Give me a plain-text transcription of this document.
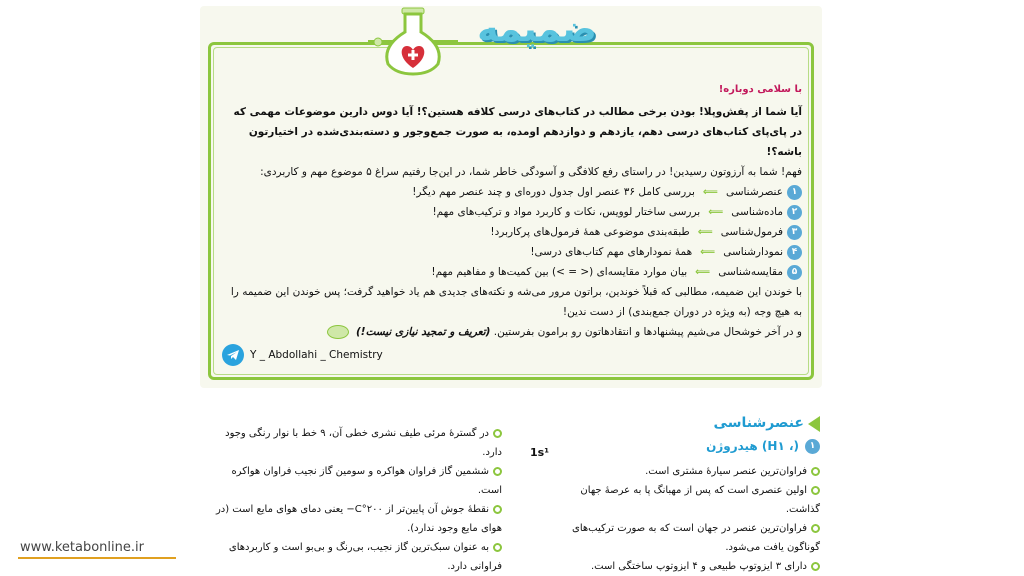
ضمیمه
با سلامی دوباره!
آیا شما از پفش‌وپلا! بودن برخی مطالب در کتاب‌های درسی کلافه هستین؟! آیا دوس دارین موضوعات مهمی که در پای‌پای کتاب‌های درسی دهم، یازدهم و دوازدهم اومده، به صورت جمع‌وجور و دسته‌بندی‌شده در اختیارتون باشه؟!
فهم! شما به آرزوتون رسیدین! در راستای رفع کلافگی و آسودگی خاطر شما، در این‌جا رفتیم سراغ ۵ موضوع مهم و کاربردی:
۱
عنصرشناسی
⟸
بررسی کامل ۳۶ عنصر اول جدول دوره‌ای و چند عنصر مهم دیگر!
۲
ماده‌شناسی
⟸
بررسی ساختار لوویس، نکات و کاربرد مواد و ترکیب‌های مهم!
۳
فرمول‌شناسی
⟸
طبقه‌بندی موضوعی همهٔ فرمول‌های پرکاربرد!
۴
نمودارشناسی
⟸
همهٔ نمودارهای مهم کتاب‌های درسی!
۵
مقایسه‌شناسی
⟸
بیان موارد مقایسه‌ای (< = >) بین کمیت‌ها و مفاهیم مهم!
با خوندن این ضمیمه، مطالبی که قبلاً خوندین، براتون مرور می‌شه و نکته‌های جدیدی هم یاد خواهید گرفت؛ پس خوندن این ضمیمه را به هیچ وجه (به ویژه در دوران جمع‌بندی) از دست ندین!
و در آخر خوشحال می‌شیم پیشنهادها و انتقادهاتون رو برامون بفرستین. (تعریف و تمجید نیازی نیست!)
Y _ Abdollahi _ Chemistry
عنصرشناسی
هیدروژن (H۱ ،)	۱
فراوان‌ترین عنصر سیارهٔ مشتری است.
اولین عنصری است که پس از مهبانگ پا به عرصهٔ جهان گذاشت.
فراوان‌ترین عنصر در جهان است که به صورت ترکیب‌های گوناگون یافت می‌شود.
دارای ۳ ایزوتوپ طبیعی و ۴ ایزوتوپ ساختگی است.
1s¹
در گسترهٔ مرئی طیف نشری خطی آن، ۹ خط با نوار رنگی وجود دارد.
ششمین گاز فراوان هواکره و سومین گاز نجیب فراوان هواکره است.
نقطهٔ جوش آن پایین‌تر از ۲۰۰°C− یعنی دمای هوای مایع است (در هوای مایع وجود ندارد).
به عنوان سبک‌ترین گاز نجیب، بی‌رنگ و بی‌بو است و کاربردهای فراوانی دارد.
www.ketabonline.ir
